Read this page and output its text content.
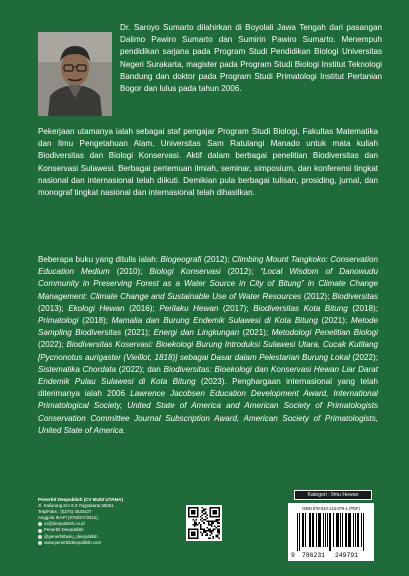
Dr. Saroyo Sumarto dilahirkan di Boyolali Jawa Tengah dari pasangan Dalimo Pawiro Sumarto dan Sumirin Pawiro Sumarto. Menempuh pendidikan sarjana pada Program Studi Pendidikan Biologi Universitas Negeri Surakarta, magister pada Program Studi Biologi Institut Teknologi Bandung dan doktor pada Program Studi Primatologi Institut Pertanian Bogor dan lulus pada tahun 2006.

Pekerjaan utamanya ialah sebagai staf pengajar Program Studi Biologi, Fakultas Matematika dan Ilmu Pengetahuan Alam, Universitas Sam Ratulangi Manado untuk mata kuliah Biodiversitas dan Biologi Konservasi. Aktif dalam berbagai penelitian Biodiversitas dan Konservasi Sulawesi. Berbagai pertemuan ilmiah, seminar, simposium, dan konferensi tingkat nasional dan internasional telah diikuti. Demikian pula berbagai tulisan, prosiding, jurnal, dan monograf tingkat nasional dan internasional telah dihasilkan.

Beberapa buku yang ditulis ialah: Biogeografi (2012); Climbing Mount Tangkoko: Conservation Education Medium (2010); Biologi Konservasi (2012); “Local Wisdom of Danowudu Community in Preserving Forest as a Water Source in City of Bitung” in Climate Change Management: Climate Change and Sustainable Use of Water Resources (2012); Biodiversitas (2013); Ekologi Hewan (2016); Perilaku Hewan (2017); Biodiversitas Kota Bitung (2018); Primatologi (2018); Mamalia dan Burung Endemik Sulawesi di Kota Bitung (2021); Metode Sampling Biodiversitas (2021); Energi dan Lingkungan (2021); Metodologi Penelitian Biologi (2022); Biodiversitas Koservasi: Bioekologi Burung Introduksi Sulawesi Utara, Cucak Kutilang [Pycnonotus aurigaster (Vieillot, 1818)] sebagai Dasar dalam Pelestarian Burung Lokal (2022); Sistematika Chordata (2022); dan Biodiversitas: Bioekologi dan Konservasi Hewan Liar Darat Endemik Pulau Sulawesi di Kota Bitung (2023). Penghargaan internasional yang telah diterimanya ialah 2006 Lawrence Jacobsen Education Development Award, International Primatological Society, United State of America and American Society of Primatologists Conservation Committee Journal Subscription Award, American Society of Primatologists, United State of America.

Penerbit Deepublish (CV BUDI UTAMA)
Jl. Kaliurang Km 9,3 Yogyakarta 55581
Telp/Faks : (0274) 4533427
Anggota IKAPI (076/DIY/2012)
cs@deepublish.co.id
Penerbit Deepublish
@penerbitbuku_deepublish
www.penerbitdeepublish.com
Kategori : Ilmu Hewan
ISBN 978-623-124-079-1 (PDF)
9 786231 249791
